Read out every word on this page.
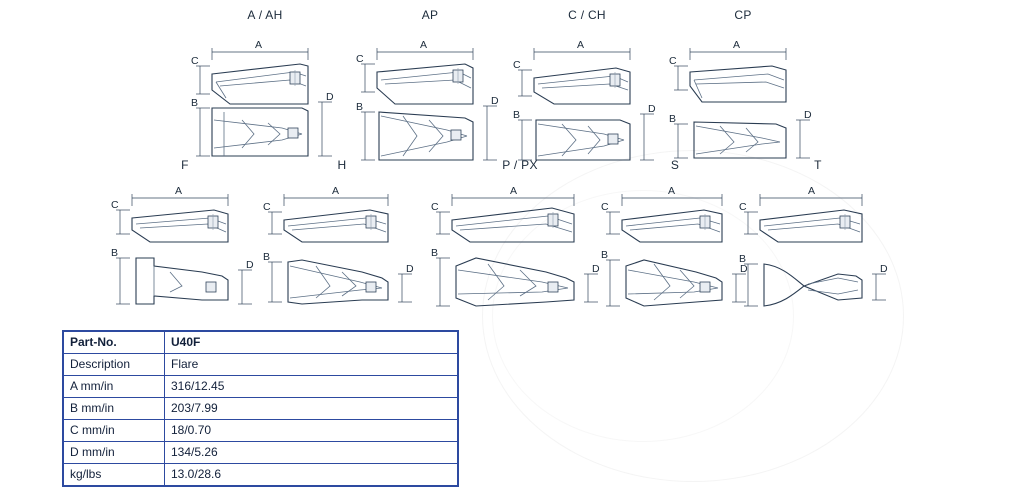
A / AH
C
A
B	D
AP
C
A
B	D
C / CH
C
A
B	D
CP
C
A
B	D
F
C
A
B
D
H
C
A
B
D
P / PX
C
A
B
D
S
C
A
B
D
T
C
A
B
D
Part-No.	U40F
Description	Flare
A mm/in	316/12.45
B mm/in	203/7.99
C mm/in	18/0.70
D mm/in	134/5.26
kg/lbs	13.0/28.6
